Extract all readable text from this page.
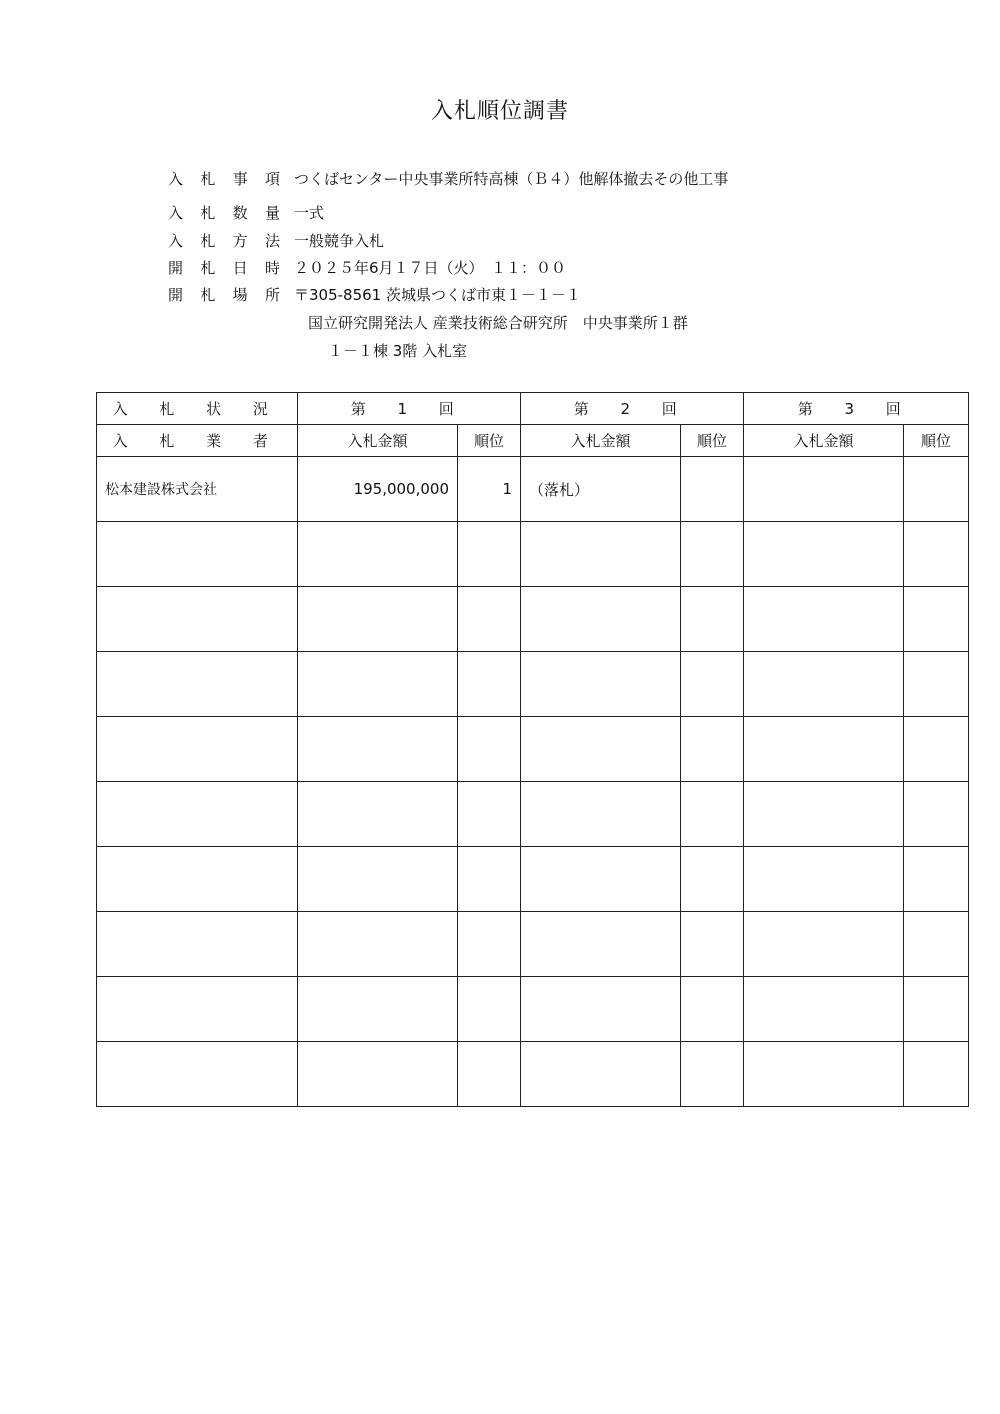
入札順位調書
入 札 事 項 つくばセンター中央事業所特高棟（Ｂ４）他解体撤去その他工事
入 札 数 量 一式
入 札 方 法 一般競争入札
開 札 日 時 ２０２５年6月１７日（火）　１１：００
開 札 場 所 〒305-8561 茨城県つくば市東１－１－１
国立研究開発法人 産業技術総合研究所　中央事業所１群
１－１棟 3階 入札室
入 札 状 況	第 1 回		第 2 回		第 3 回	
入 札 業 者	入札金額	順位	入札金額	順位	入札金額	順位
松本建設株式会社	195,000,000	1	（落札）			
